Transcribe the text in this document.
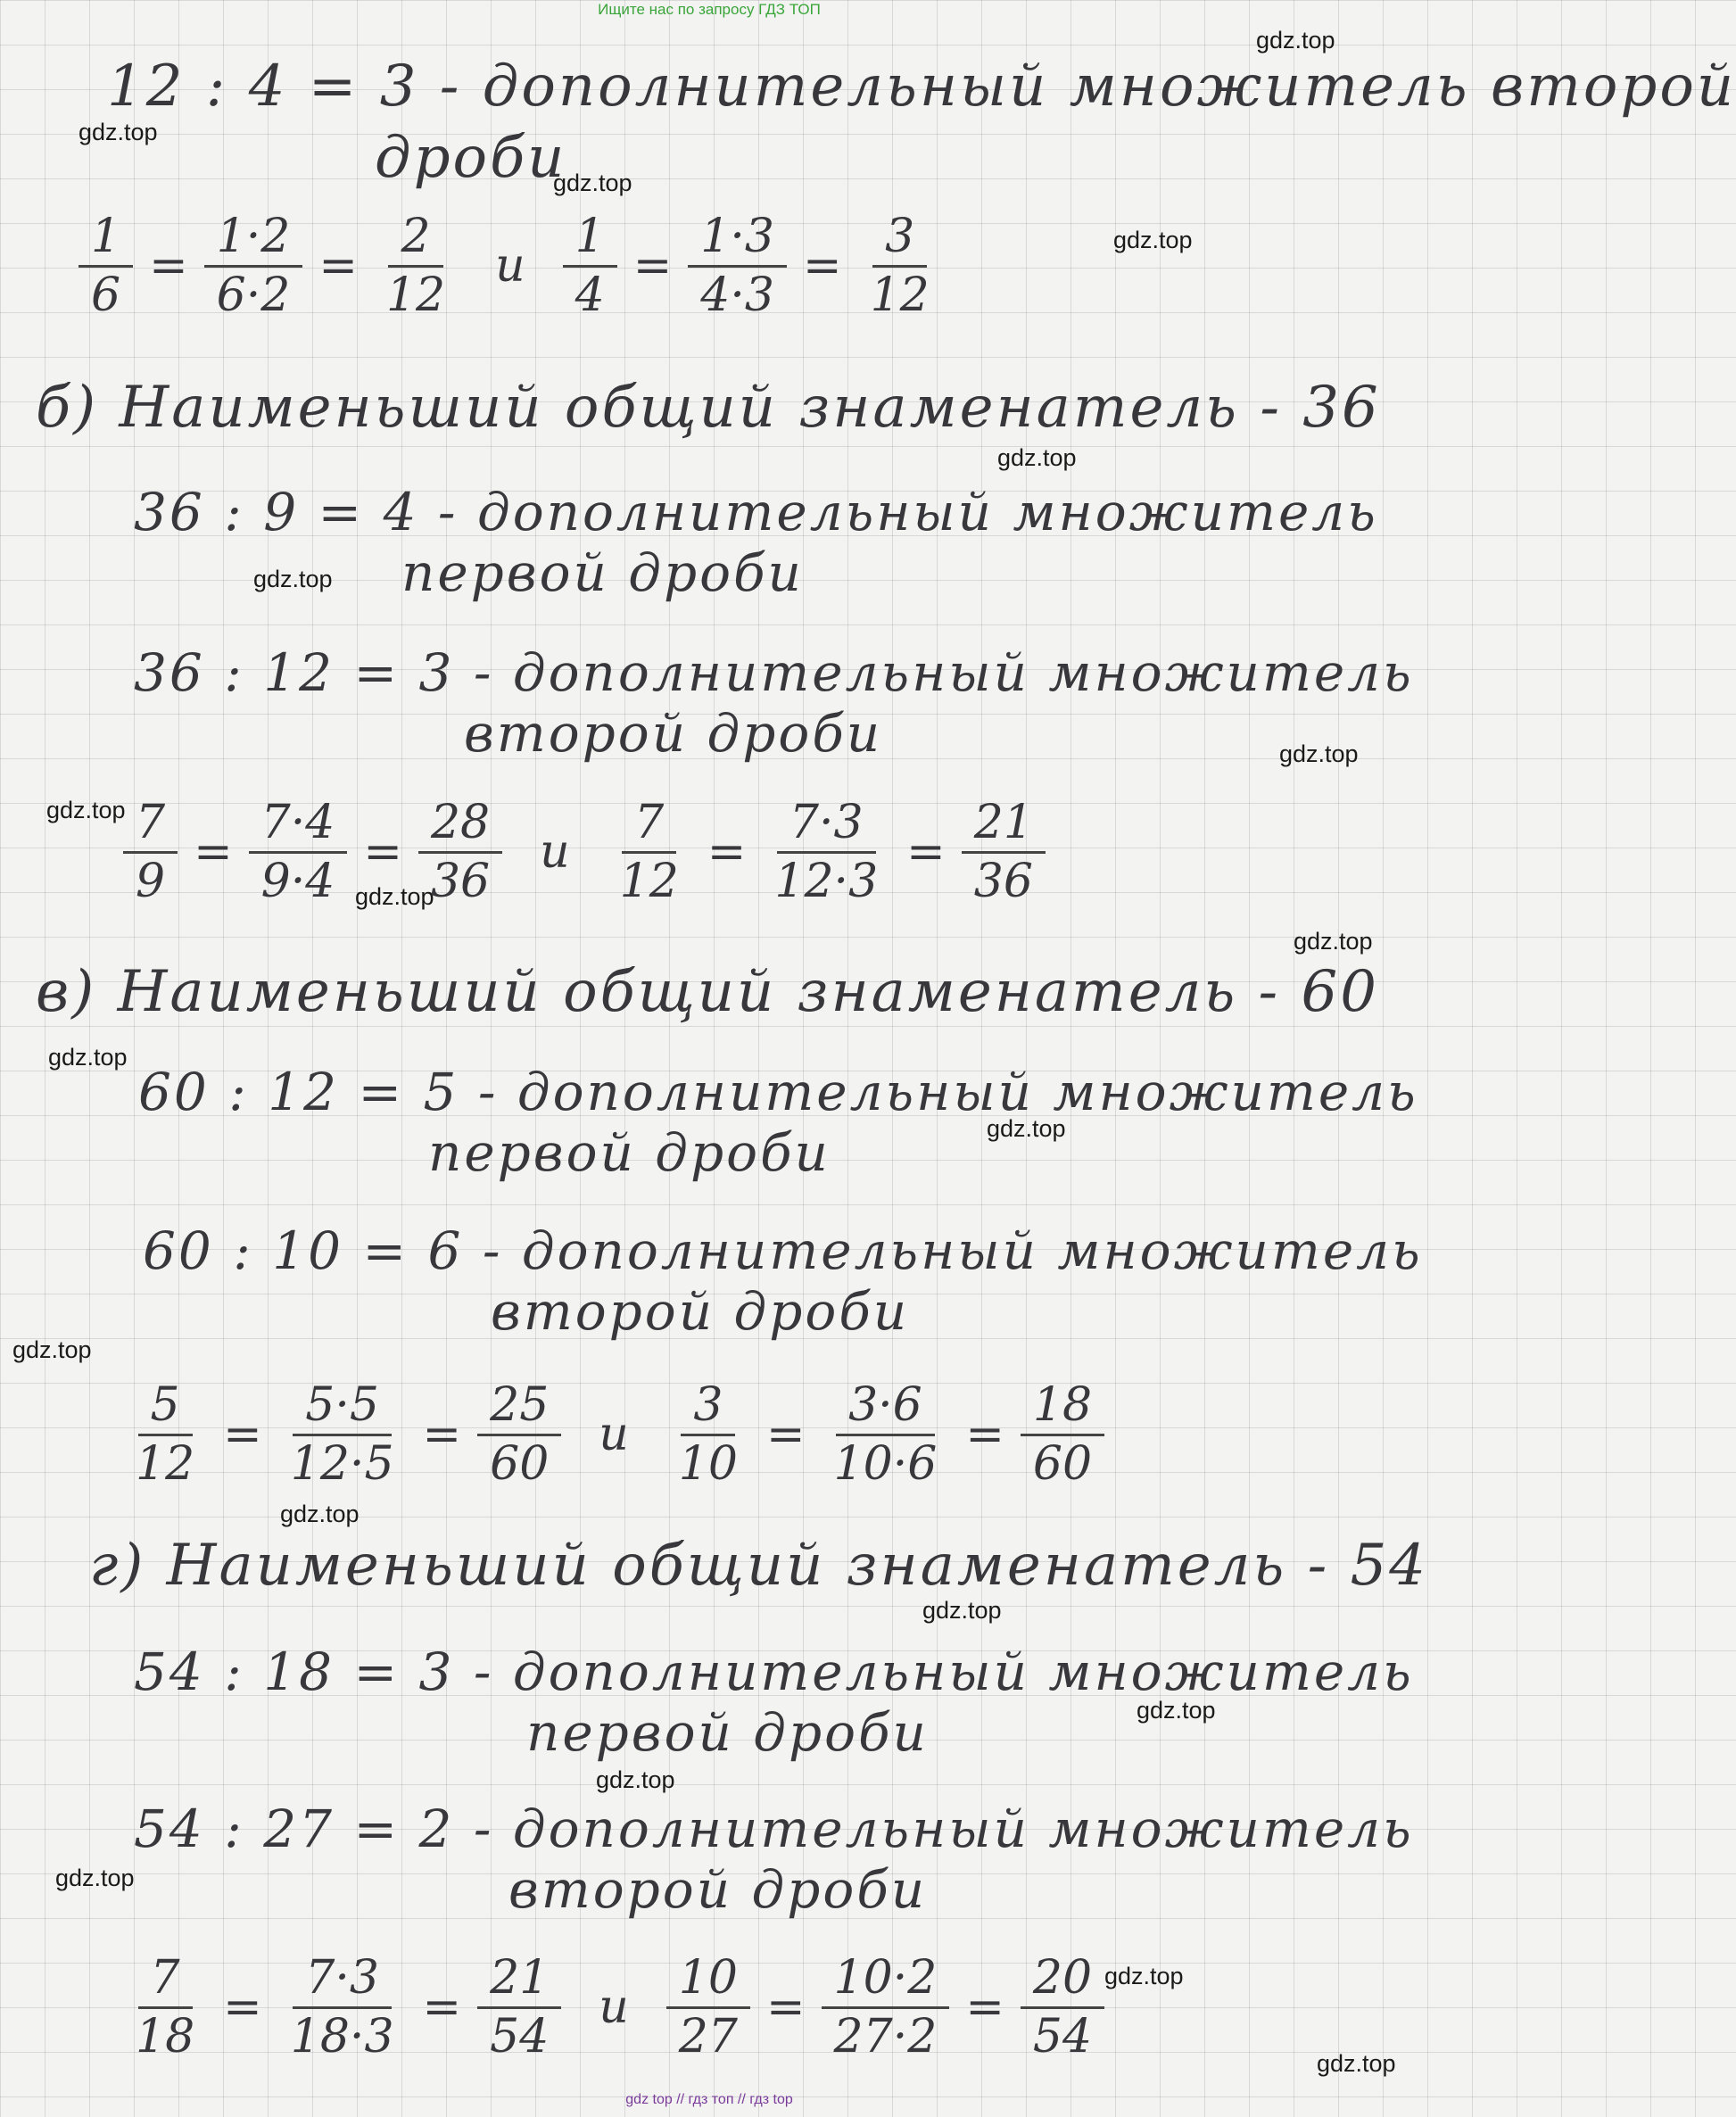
Ищите нас по запросу ГДЗ ТОП
gdz.top
gdz.top
gdz.top
gdz.top
gdz.top
gdz.top
gdz.top
gdz.top
gdz.top
gdz.top
gdz.top
gdz.top
gdz.top
gdz.top
gdz.top
gdz.top
gdz.top
gdz.top
gdz.top
gdz.top
12 : 4 = 3 - дополнительный множитель второй
дроби
$\frac{1}{6} = \frac{1\cdot 2}{6\cdot 2} = \frac{2}{12}$ и $\frac{1}{4} = \frac{1\cdot 3}{4\cdot 3} = \frac{3}{12}$
б) Наименьший общий знаменатель - 36
36 : 9 = 4 - дополнительный множитель
первой дроби
36 : 12 = 3 - дополнительный множитель
второй дроби
$\frac{7}{9} = \frac{7\cdot 4}{9\cdot 4} = \frac{28}{36}$ и $\frac{7}{12} = \frac{7\cdot 3}{12\cdot 3} = \frac{21}{36}$
в) Наименьший общий знаменатель - 60
60 : 12 = 5 - дополнительный множитель
первой дроби
60 : 10 = 6 - дополнительный множитель
второй дроби
$\frac{5}{12} = \frac{5\cdot 5}{12\cdot 5} = \frac{25}{60}$ и $\frac{3}{10} = \frac{3\cdot 6}{10\cdot 6} = \frac{18}{60}$
г) Наименьший общий знаменатель - 54
54 : 18 = 3 - дополнительный множитель
первой дроби
54 : 27 = 2 - дополнительный множитель
второй дроби
$\frac{7}{18} = \frac{7\cdot 3}{18\cdot 3} = \frac{21}{54}$ и $\frac{10}{27} = \frac{10\cdot 2}{27\cdot 2} = \frac{20}{54}$
gdz top // гдз топ // гдз top
